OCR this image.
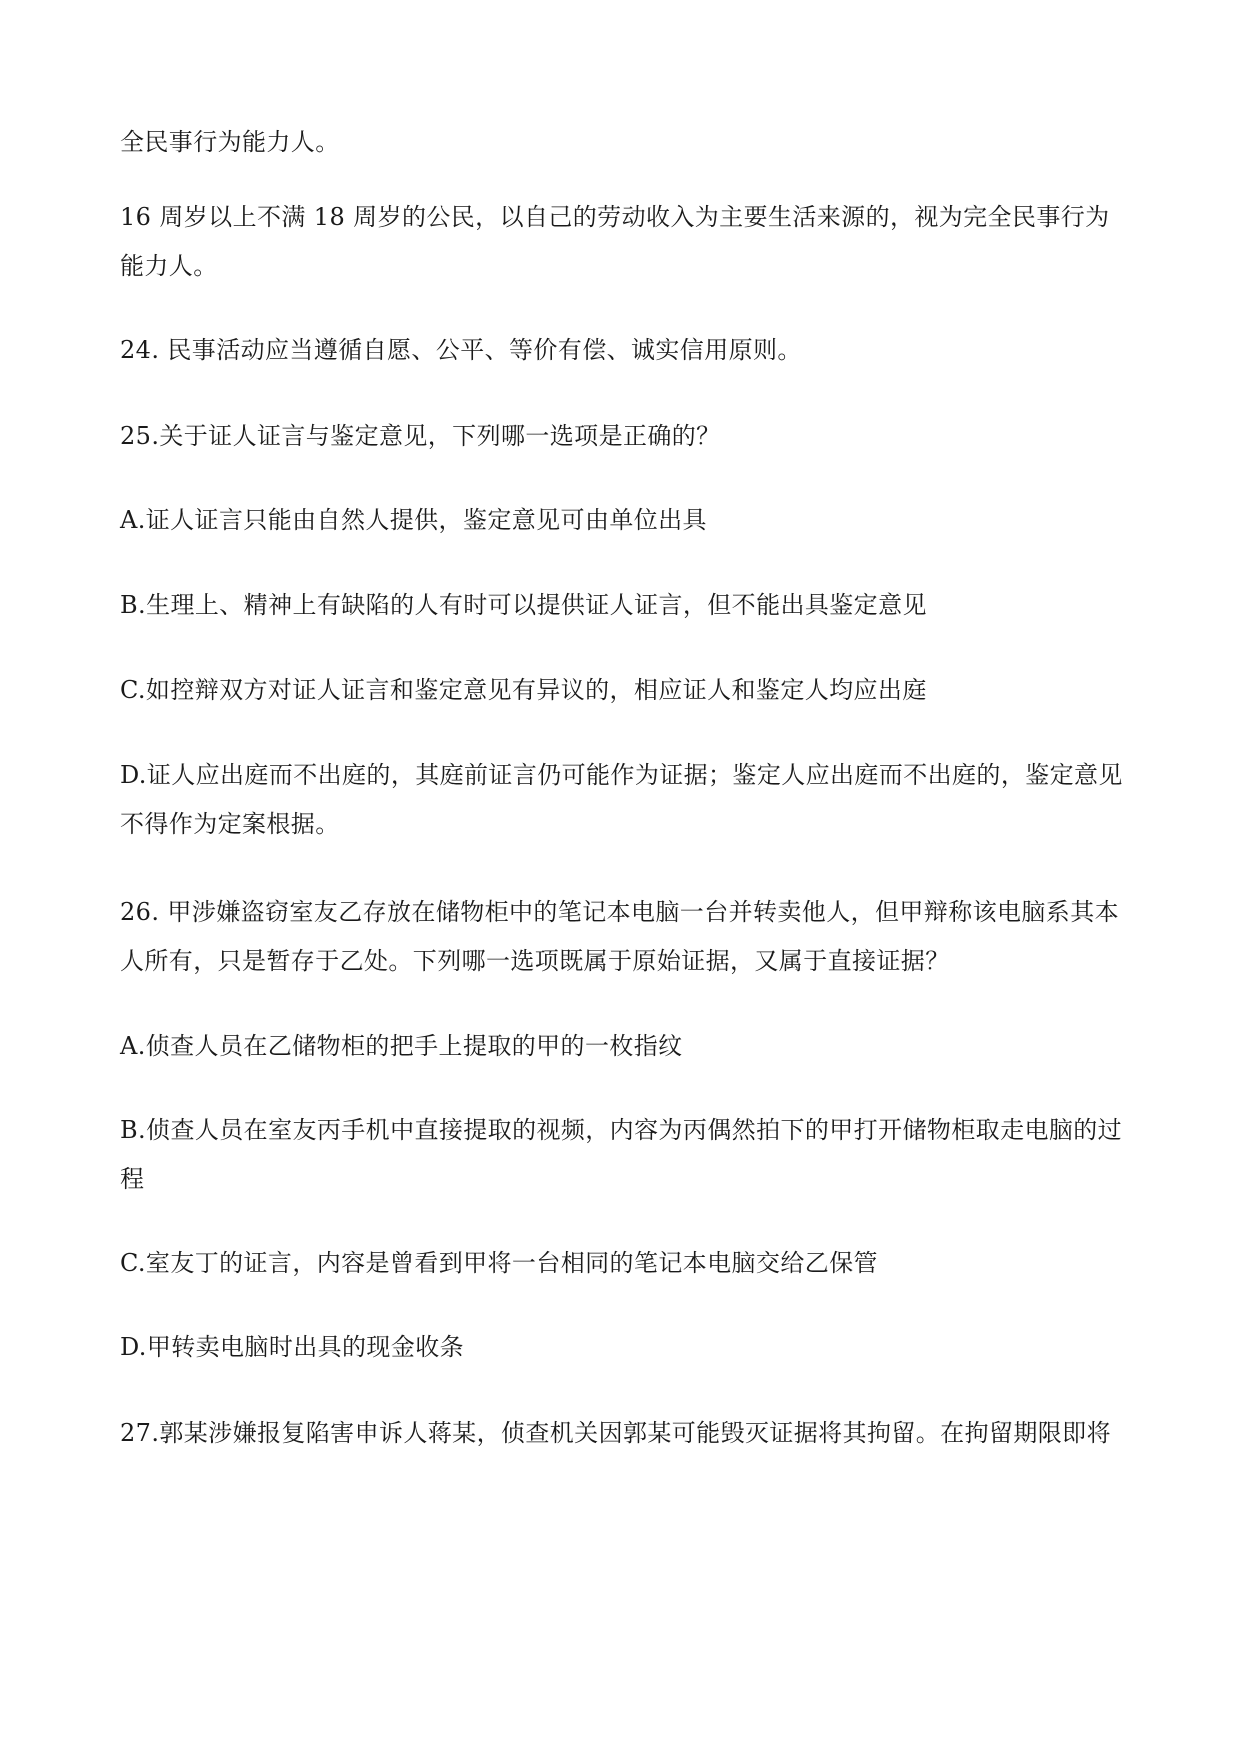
全民事行为能力人。

16 周岁以上不满 18 周岁的公民，以自己的劳动收入为主要生活来源的，视为完全民事行为能力人。

24. 民事活动应当遵循自愿、公平、等价有偿、诚实信用原则。

25.关于证人证言与鉴定意见，下列哪一选项是正确的？

A.证人证言只能由自然人提供，鉴定意见可由单位出具

B.生理上、精神上有缺陷的人有时可以提供证人证言，但不能出具鉴定意见

C.如控辩双方对证人证言和鉴定意见有异议的，相应证人和鉴定人均应出庭

D.证人应出庭而不出庭的，其庭前证言仍可能作为证据；鉴定人应出庭而不出庭的，鉴定意见不得作为定案根据。

26. 甲涉嫌盗窃室友乙存放在储物柜中的笔记本电脑一台并转卖他人，但甲辩称该电脑系其本人所有，只是暂存于乙处。下列哪一选项既属于原始证据，又属于直接证据？

A.侦查人员在乙储物柜的把手上提取的甲的一枚指纹

B.侦查人员在室友丙手机中直接提取的视频，内容为丙偶然拍下的甲打开储物柜取走电脑的过程

C.室友丁的证言，内容是曾看到甲将一台相同的笔记本电脑交给乙保管

D.甲转卖电脑时出具的现金收条

27.郭某涉嫌报复陷害申诉人蒋某，侦查机关因郭某可能毁灭证据将其拘留。在拘留期限即将
